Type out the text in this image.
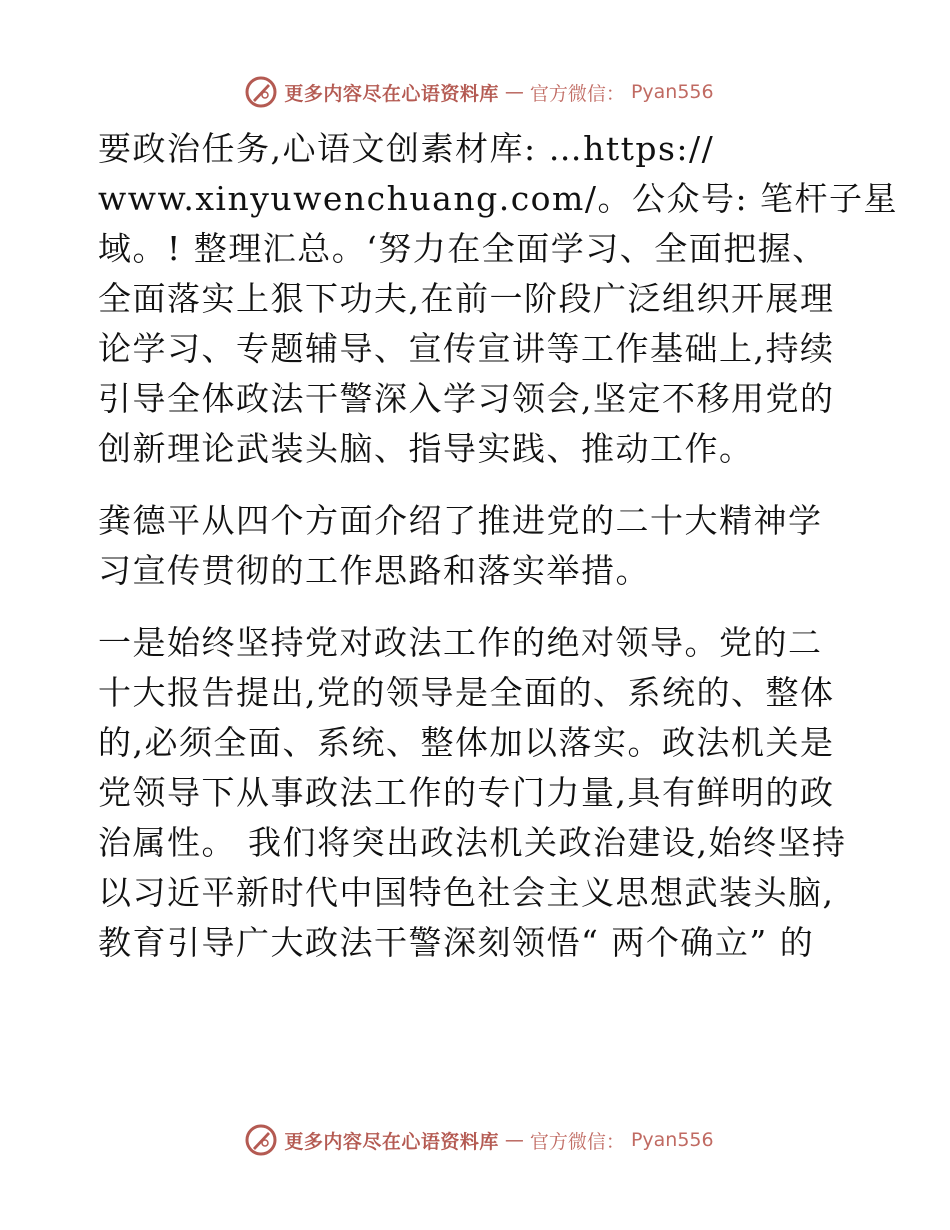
更多内容尽在心语资料库 — 官方微信： Pyan556
要政治任务,心语文创素材库: …https://
www.xinyuwenchuang.com/。公众号: 笔杆子星
域。! 整理汇总。‘努力在全面学习、全面把握、
全面落实上狠下功夫,在前一阶段广泛组织开展理
论学习、专题辅导、宣传宣讲等工作基础上,持续
引导全体政法干警深入学习领会,坚定不移用党的
创新理论武装头脑、指导实践、推动工作。
龚德平从四个方面介绍了推进党的二十大精神学
习宣传贯彻的工作思路和落实举措。
一是始终坚持党对政法工作的绝对领导。党的二
十大报告提出,党的领导是全面的、系统的、整体
的,必须全面、系统、整体加以落实。政法机关是
党领导下从事政法工作的专门力量,具有鲜明的政
治属性。 我们将突出政法机关政治建设,始终坚持
以习近平新时代中国特色社会主义思想武装头脑,
教育引导广大政法干警深刻领悟“ 两个确立” 的
更多内容尽在心语资料库 — 官方微信： Pyan556
